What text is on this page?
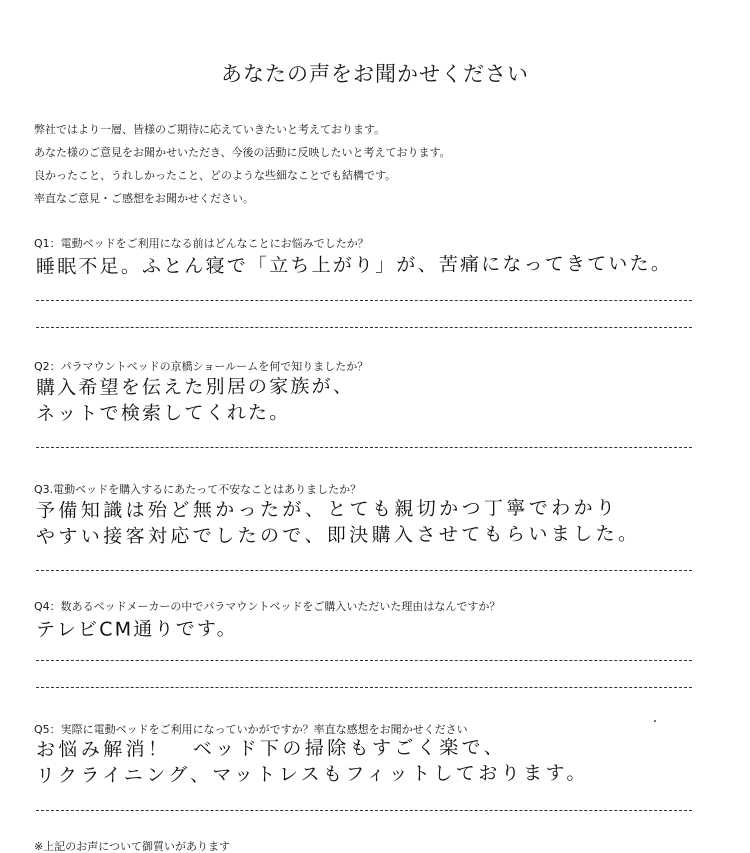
あなたの声をお聞かせください
弊社ではより一層、皆様のご期待に応えていきたいと考えております。
あなた様のご意見をお聞かせいただき、今後の活動に反映したいと考えております。
良かったこと、うれしかったこと、どのような些細なことでも結構です。
率直なご意見・ご感想をお聞かせください。
Q1：電動ベッドをご利用になる前はどんなことにお悩みでしたか？
睡眠不足。ふとん寝で「立ち上がり」が、苦痛になってきていた。
Q2：パラマウントベッドの京橋ショールームを何で知りましたか？
購入希望を伝えた別居の家族が、
ネットで検索してくれた。
Q3.電動ベッドを購入するにあたって不安なことはありましたか？
予備知識は殆ど無かったが、とても親切かつ丁寧でわかり
やすい接客対応でしたので、即決購入させてもらいました。
Q4：数あるベッドメーカーの中でパラマウントベッドをご購入いただいた理由はなんですか？
テレビCM通りです。
Q5：実際に電動ベッドをご利用になっていかがですか？率直な感想をお聞かせください
お悩み解消！　ベッド下の掃除もすごく楽で、
リクライニング、マットレスもフィットしております。
※上記のお声について御質いがあります
